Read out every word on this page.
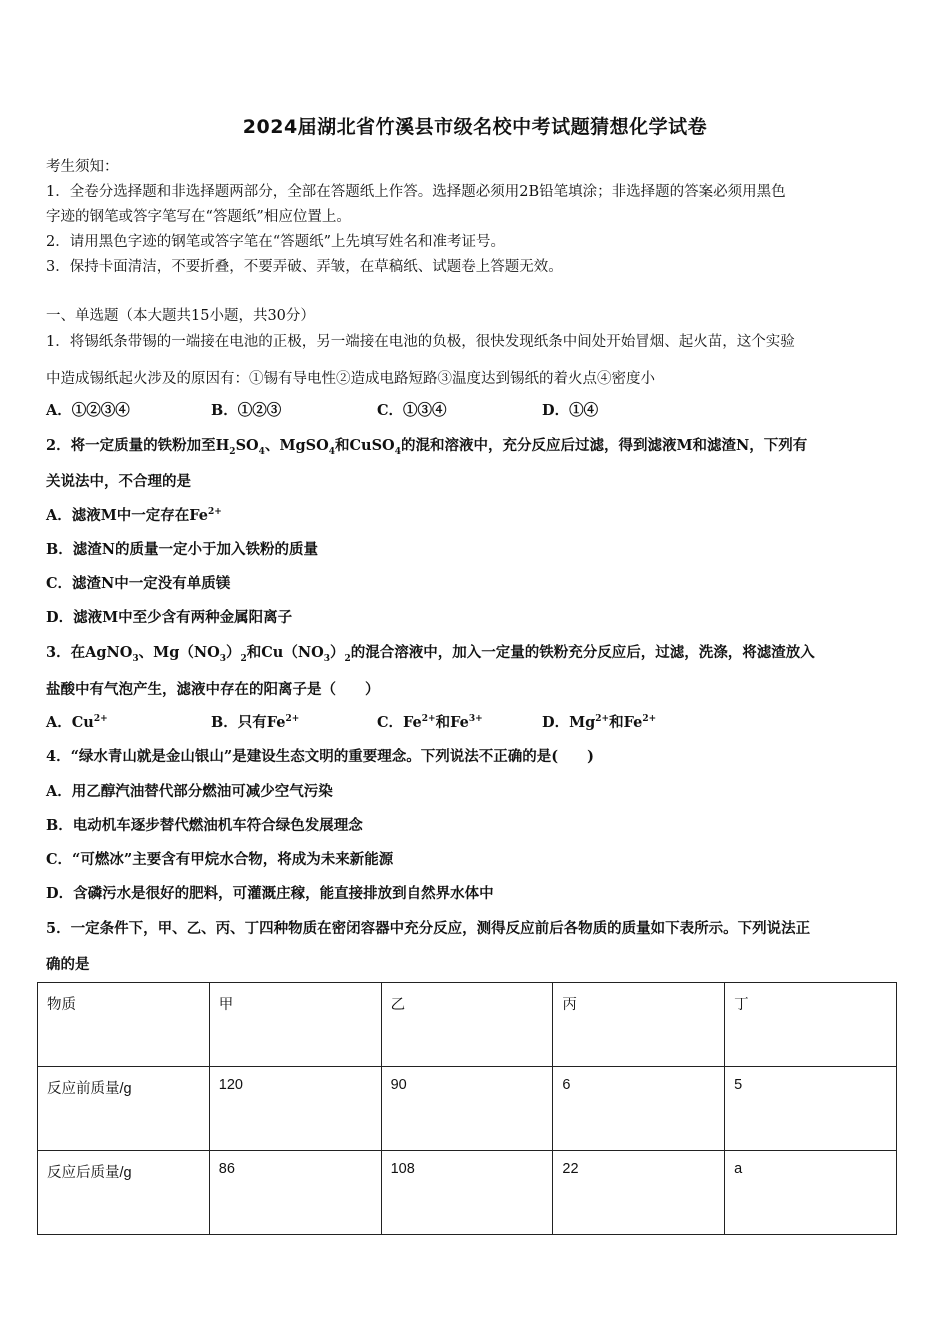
2024届湖北省竹溪县市级名校中考试题猜想化学试卷
考生须知：
1．全卷分选择题和非选择题两部分，全部在答题纸上作答。选择题必须用2B铅笔填涂；非选择题的答案必须用黑色
字迹的钢笔或答字笔写在“答题纸”相应位置上。
2．请用黑色字迹的钢笔或答字笔在“答题纸”上先填写姓名和准考证号。
3．保持卡面清洁，不要折叠，不要弄破、弄皱，在草稿纸、试题卷上答题无效。
一、单选题（本大题共15小题，共30分）
1．将锡纸条带锡的一端接在电池的正极，另一端接在电池的负极，很快发现纸条中间处开始冒烟、起火苗，这个实验
中造成锡纸起火涉及的原因有：①锡有导电性②造成电路短路③温度达到锡纸的着火点④密度小
A．①②③④	B．①②③	C．①③④	D．①④
2．将一定质量的铁粉加至$H_2SO_4$、MgSO$_4$和CuSO$_4$的混和溶液中，充分反应后过滤，得到滤液M和滤渣N，下列有
关说法中，不合理的是
A．滤液M中一定存在$Fe^{2+}$
B．滤渣N的质量一定小于加入铁粉的质量
C．滤渣N中一定没有单质镁
D．滤液M中至少含有两种金属阳离子
3．在AgNO$_3$、$Mg(NO_3)_2$和$Cu(NO_3)_2$的混合溶液中，加入一定量的铁粉充分反应后，过滤，洗涤，将滤渣放入
盐酸中有气泡产生，滤液中存在的阳离子是（　　）
A．$Cu^{2+}$	B．只有$Fe^{2+}$	C．$Fe^{2+}$和$Fe^{3+}$	D．$Mg^{2+}$和$Fe^{2+}$
4．“绿水青山就是金山银山”是建设生态文明的重要理念。下列说法不正确的是(　　)
A．用乙醇汽油替代部分燃油可减少空气污染
B．电动机车逐步替代燃油机车符合绿色发展理念
C．“可燃冰”主要含有甲烷水合物，将成为未来新能源
D．含磷污水是很好的肥料，可灌溉庄稼，能直接排放到自然界水体中
5．一定条件下，甲、乙、丙、丁四种物质在密闭容器中充分反应，测得反应前后各物质的质量如下表所示。下列说法正
确的是
物质	甲	乙	丙	丁
反应前质量/g	120	90	6	5
反应后质量/g	86	108	22	a
